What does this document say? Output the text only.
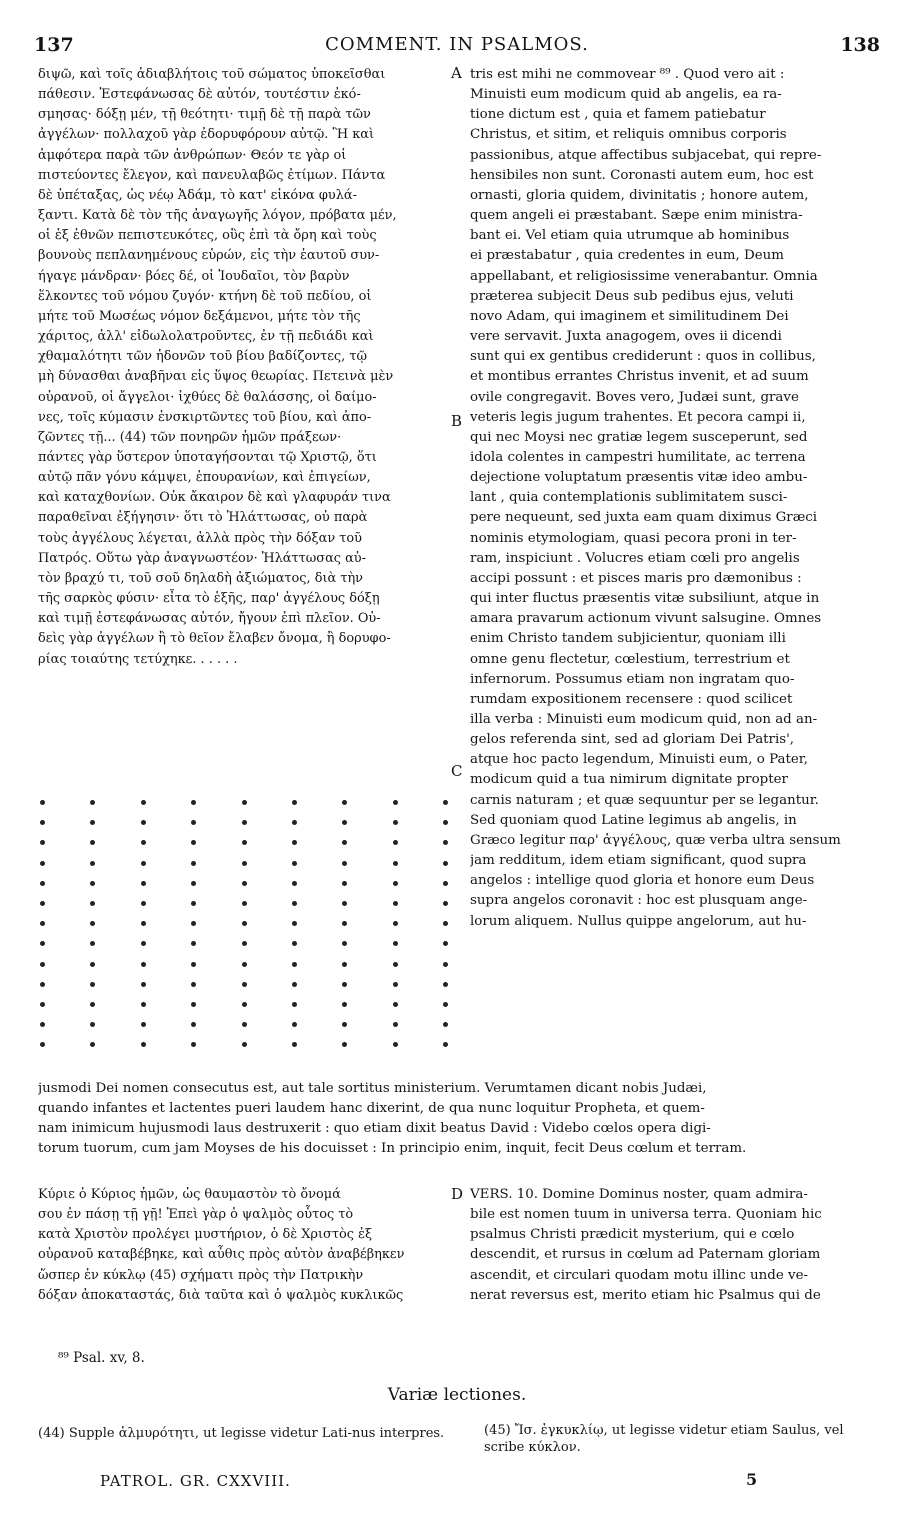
137	COMMENT. IN PSALMOS.	138
A
B
C
D

διψῶ, καὶ τοῖς ἀδιαβλήτοις τοῦ σώματος ὑποκεῖσθαι

πάθεσιν. Ἐστεφάνωσας δὲ αὐτόν, τουτέστιν ἐκό-

σμησας· δόξῃ μέν, τῇ θεότητι· τιμῇ δὲ τῇ παρὰ τῶν

ἀγγέλων· πολλαχοῦ γὰρ ἐδορυφόρουν αὐτῷ. Ἢ καὶ

ἀμφότερα παρὰ τῶν ἀνθρώπων· Θεόν τε γὰρ οἱ

πιστεύοντες ἔλεγον, καὶ πανευλαβῶς ἐτίμων. Πάντα

δὲ ὑπέταξας, ὡς νέῳ Ἀδάμ, τὸ κατ' εἰκόνα φυλά-

ξαντι. Κατὰ δὲ τὸν τῆς ἀναγωγῆς λόγον, πρόβατα μέν,

οἱ ἐξ ἐθνῶν πεπιστευκότες, οὓς ἐπὶ τὰ ὄρη καὶ τοὺς

βουνοὺς πεπλανημένους εὑρών, εἰς τὴν ἑαυτοῦ συν-

ήγαγε μάνδραν· βόες δέ, οἱ Ἰουδαῖοι, τὸν βαρὺν

ἕλκοντες τοῦ νόμου ζυγόν· κτήνη δὲ τοῦ πεδίου, οἱ

μήτε τοῦ Μωσέως νόμον δεξάμενοι, μήτε τὸν τῆς

χάριτος, ἀλλ' εἰδωλολατροῦντες, ἐν τῇ πεδιάδι καὶ

χθαμαλότητι τῶν ἡδονῶν τοῦ βίου βαδίζοντες, τῷ

μὴ δύνασθαι ἀναβῆναι εἰς ὕψος θεωρίας. Πετεινὰ μὲν

οὐρανοῦ, οἱ ἄγγελοι· ἰχθύες δὲ θαλάσσης, οἱ δαίμο-

νες, τοῖς κύμασιν ἐνσκιρτῶντες τοῦ βίου, καὶ ἀπο-

ζῶντες τῇ... (44) τῶν πονηρῶν ἡμῶν πράξεων·

πάντες γὰρ ὕστερον ὑποταγήσονται τῷ Χριστῷ, ὅτι

αὐτῷ πᾶν γόνυ κάμψει, ἐπουρανίων, καὶ ἐπιγείων,

καὶ καταχθονίων. Οὐκ ἄκαιρον δὲ καὶ γλαφυράν τινα

παραθεῖναι ἐξήγησιν· ὅτι τὸ Ἠλάττωσας, οὐ παρὰ

τοὺς ἀγγέλους λέγεται, ἀλλὰ πρὸς τὴν δόξαν τοῦ

Πατρός. Οὕτω γὰρ ἀναγνωστέον· Ἠλάττωσας αὐ-

τὸν βραχύ τι, τοῦ σοῦ δηλαδὴ ἀξιώματος, διὰ τὴν

τῆς σαρκὸς φύσιν· εἶτα τὸ ἑξῆς, παρ' ἀγγέλους δόξῃ

καὶ τιμῇ ἐστεφάνωσας αὐτόν, ἤγουν ἐπὶ πλεῖον. Οὐ-

δεὶς γὰρ ἀγγέλων ἢ τὸ θεῖον ἔλαβεν ὄνομα, ἢ δορυφο-

ρίας τοιαύτης τετύχηκε. . . . . .

tris est mihi ne commovear ⁸⁹ . Quod vero ait :

Minuisti eum modicum quid ab angelis, ea ra-

tione dictum est , quia et famem patiebatur

Christus, et sitim, et reliquis omnibus corporis

passionibus, atque affectibus subjacebat, qui repre-

hensibiles non sunt. Coronasti autem eum, hoc est

ornasti, gloria quidem, divinitatis ; honore autem,

quem angeli ei præstabant. Sæpe enim ministra-

bant ei. Vel etiam quia utrumque ab hominibus

ei præstabatur , quia credentes in eum, Deum

appellabant, et religiosissime venerabantur. Omnia

præterea subjecit Deus sub pedibus ejus, veluti

novo Adam, qui imaginem et similitudinem Dei

vere servavit. Juxta anagogem, oves ii dicendi

sunt qui ex gentibus crediderunt : quos in collibus,

et montibus errantes Christus invenit, et ad suum

ovile congregavit. Boves vero, Judæi sunt, grave

veteris legis jugum trahentes. Et pecora campi ii,

qui nec Moysi nec gratiæ legem susceperunt, sed

idola colentes in campestri humilitate, ac terrena

dejectione voluptatum præsentis vitæ ideo ambu-

lant , quia contemplationis sublimitatem susci-

pere nequeunt, sed juxta eam quam diximus Græci

nominis etymologiam, quasi pecora proni in ter-

ram, inspiciunt . Volucres etiam cœli pro angelis

accipi possunt : et pisces maris pro dæmonibus :

qui inter fluctus præsentis vitæ subsiliunt, atque in

amara pravarum actionum vivunt salsugine. Omnes

enim Christo tandem subjicientur, quoniam illi

omne genu flectetur, cœlestium, terrestrium et

infernorum. Possumus etiam non ingratam quo-

rumdam expositionem recensere : quod scilicet

illa verba : Minuisti eum modicum quid, non ad an-

gelos referenda sint, sed ad gloriam Dei Patris',

atque hoc pacto legendum, Minuisti eum, o Pater,

modicum quid a tua nimirum dignitate propter

carnis naturam ; et quæ sequuntur per se legantur.

Sed quoniam quod Latine legimus ab angelis, in

Græco legitur παρ' ἀγγέλους, quæ verba ultra sensum

jam redditum, idem etiam significant, quod supra

angelos : intellige quod gloria et honore eum Deus

supra angelos coronavit : hoc est plusquam ange-

lorum aliquem. Nullus quippe angelorum, aut hu-

jusmodi Dei nomen consecutus est, aut tale sortitus ministerium. Verumtamen dicant nobis Judæi,

quando infantes et lactentes pueri laudem hanc dixerint, de qua nunc loquitur Propheta, et quem-

nam inimicum hujusmodi laus destruxerit : quo etiam dixit beatus David : Videbo cœlos opera digi-

torum tuorum, cum jam Moyses de his docuisset : In principio enim, inquit, fecit Deus cœlum et terram.

Κύριε ὁ Κύριος ἡμῶν, ὡς θαυμαστὸν τὸ ὄνομά

σου ἐν πάσῃ τῇ γῇ! Ἐπεὶ γὰρ ὁ ψαλμὸς οὗτος τὸ

κατὰ Χριστὸν προλέγει μυστήριον, ὁ δὲ Χριστὸς ἐξ

οὐρανοῦ καταβέβηκε, καὶ αὖθις πρὸς αὐτὸν ἀναβέβηκεν

ὥσπερ ἐν κύκλῳ (45) σχήματι πρὸς τὴν Πατρικὴν

δόξαν ἀποκαταστάς, διὰ ταῦτα καὶ ὁ ψαλμὸς κυκλικῶς

VERS. 10. Domine Dominus noster, quam admira-

bile est nomen tuum in universa terra. Quoniam hic

psalmus Christi prædicit mysterium, qui e cœlo

descendit, et rursus in cœlum ad Paternam gloriam

ascendit, et circulari quodam motu illinc unde ve-

nerat reversus est, merito etiam hic Psalmus qui de

⁸⁹ Psal. xv, 8.
Variæ lectiones.
(44) Supple ἁλμυρότητι, ut legisse videtur Lati-nus interpres.	(45) Ἴσ. ἐγκυκλίῳ, ut legisse videtur etiam Saulus, vel scribe κύκλον.
PATROL. GR. CXXVIII.	5
